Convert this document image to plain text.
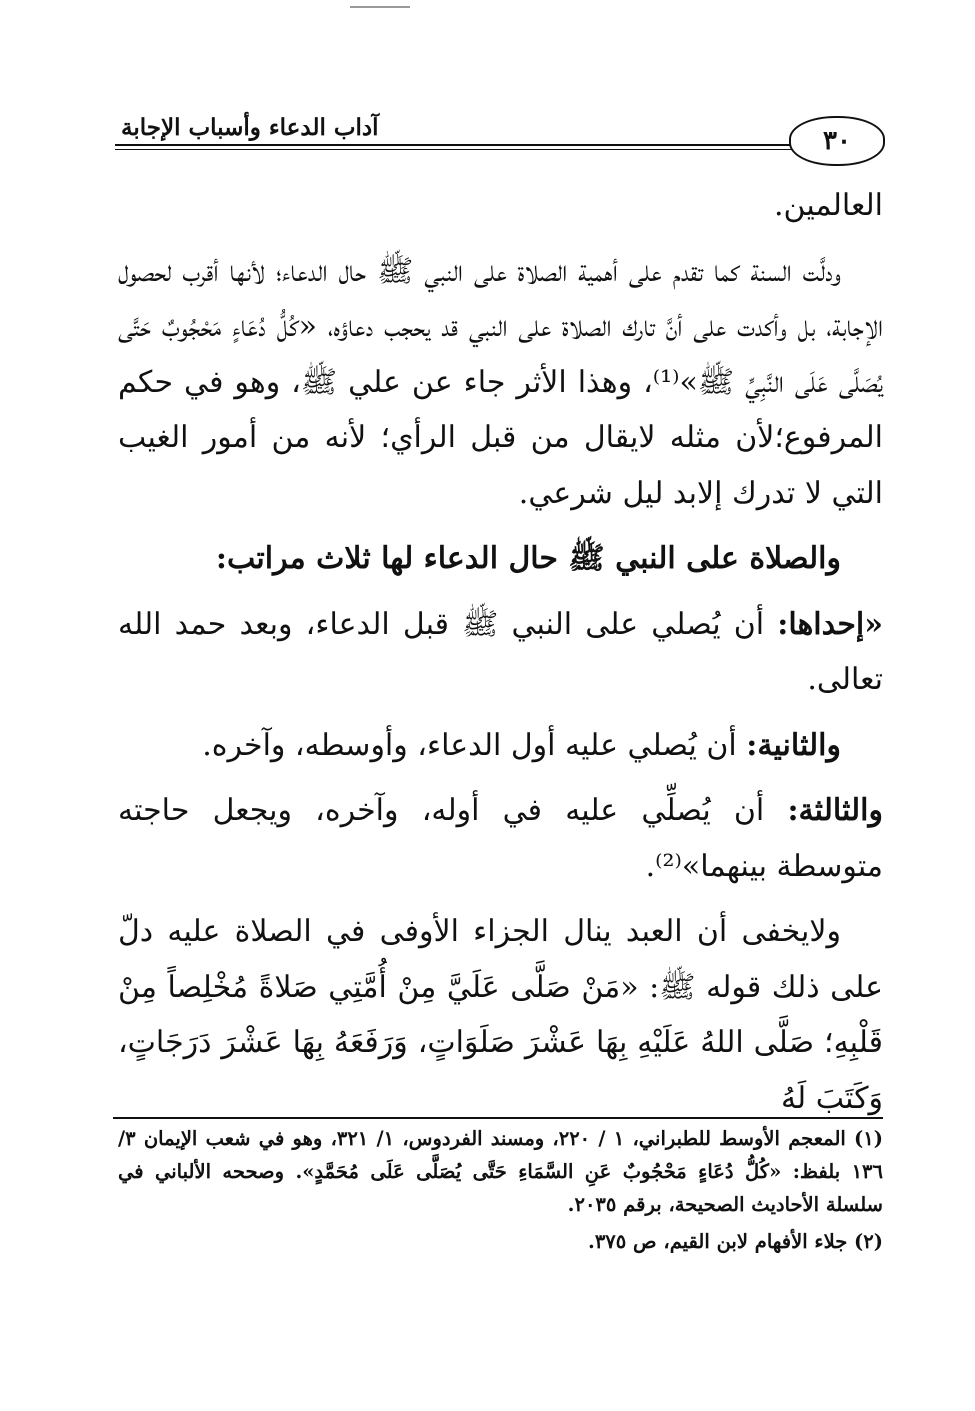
آداب الدعاء وأسباب الإجابة	٣٠

العالمين.

ودلَّت السنة كما تقدم على أهمية الصلاة على النبي ﷺ حال الدعاء؛ لأنها أقرب لحصول الإجابة، بل وأكدت على أنَّ تارك الصلاة على النبي قد يحجب دعاؤه، «كُلُّ دُعَاءٍ مَحْجُوبٌ حَتَّى يُصَلَّى عَلَى النَّبِيِّ ﷺ»⁽¹⁾، وهذا الأثر جاء عن علي ﷺ، وهو في حكم المرفوع؛لأن مثله لايقال من قبل الرأي؛ لأنه من أمور الغيب التي لا تدرك إلابد ليل شرعي.

والصلاة على النبي ﷺ حال الدعاء لها ثلاث مراتب:

«إحداها: أن يُصلي على النبي ﷺ قبل الدعاء، وبعد حمد الله تعالى.

والثانية: أن يُصلي عليه أول الدعاء، وأوسطه، وآخره.

والثالثة: أن يُصلِّي عليه في أوله، وآخره، ويجعل حاجته متوسطة بينهما»⁽²⁾.

ولايخفى أن العبد ينال الجزاء الأوفى في الصلاة عليه دلّ على ذلك قوله ﷺ: «مَنْ صَلَّى عَلَيَّ مِنْ أُمَّتِي صَلاةً مُخْلِصاً مِنْ قَلْبِهِ؛ صَلَّى اللهُ عَلَيْهِ بِهَا عَشْرَ صَلَوَاتٍ، وَرَفَعَهُ بِهَا عَشْرَ دَرَجَاتٍ، وَكَتَبَ لَهُ

(١) المعجم الأوسط للطبراني، ١ / ٢٢٠، ومسند الفردوس، ١/ ٣٢١، وهو في شعب الإيمان ٣/ ١٣٦ بلفظ: «كُلُّ دُعَاءٍ مَحْجُوبٌ عَنِ السَّمَاءِ حَتَّى يُصَلَّى عَلَى مُحَمَّدٍ». وصححه الألباني في سلسلة الأحاديث الصحيحة، برقم ٢٠٣٥.

(٢) جلاء الأفهام لابن القيم، ص ٣٧٥.
